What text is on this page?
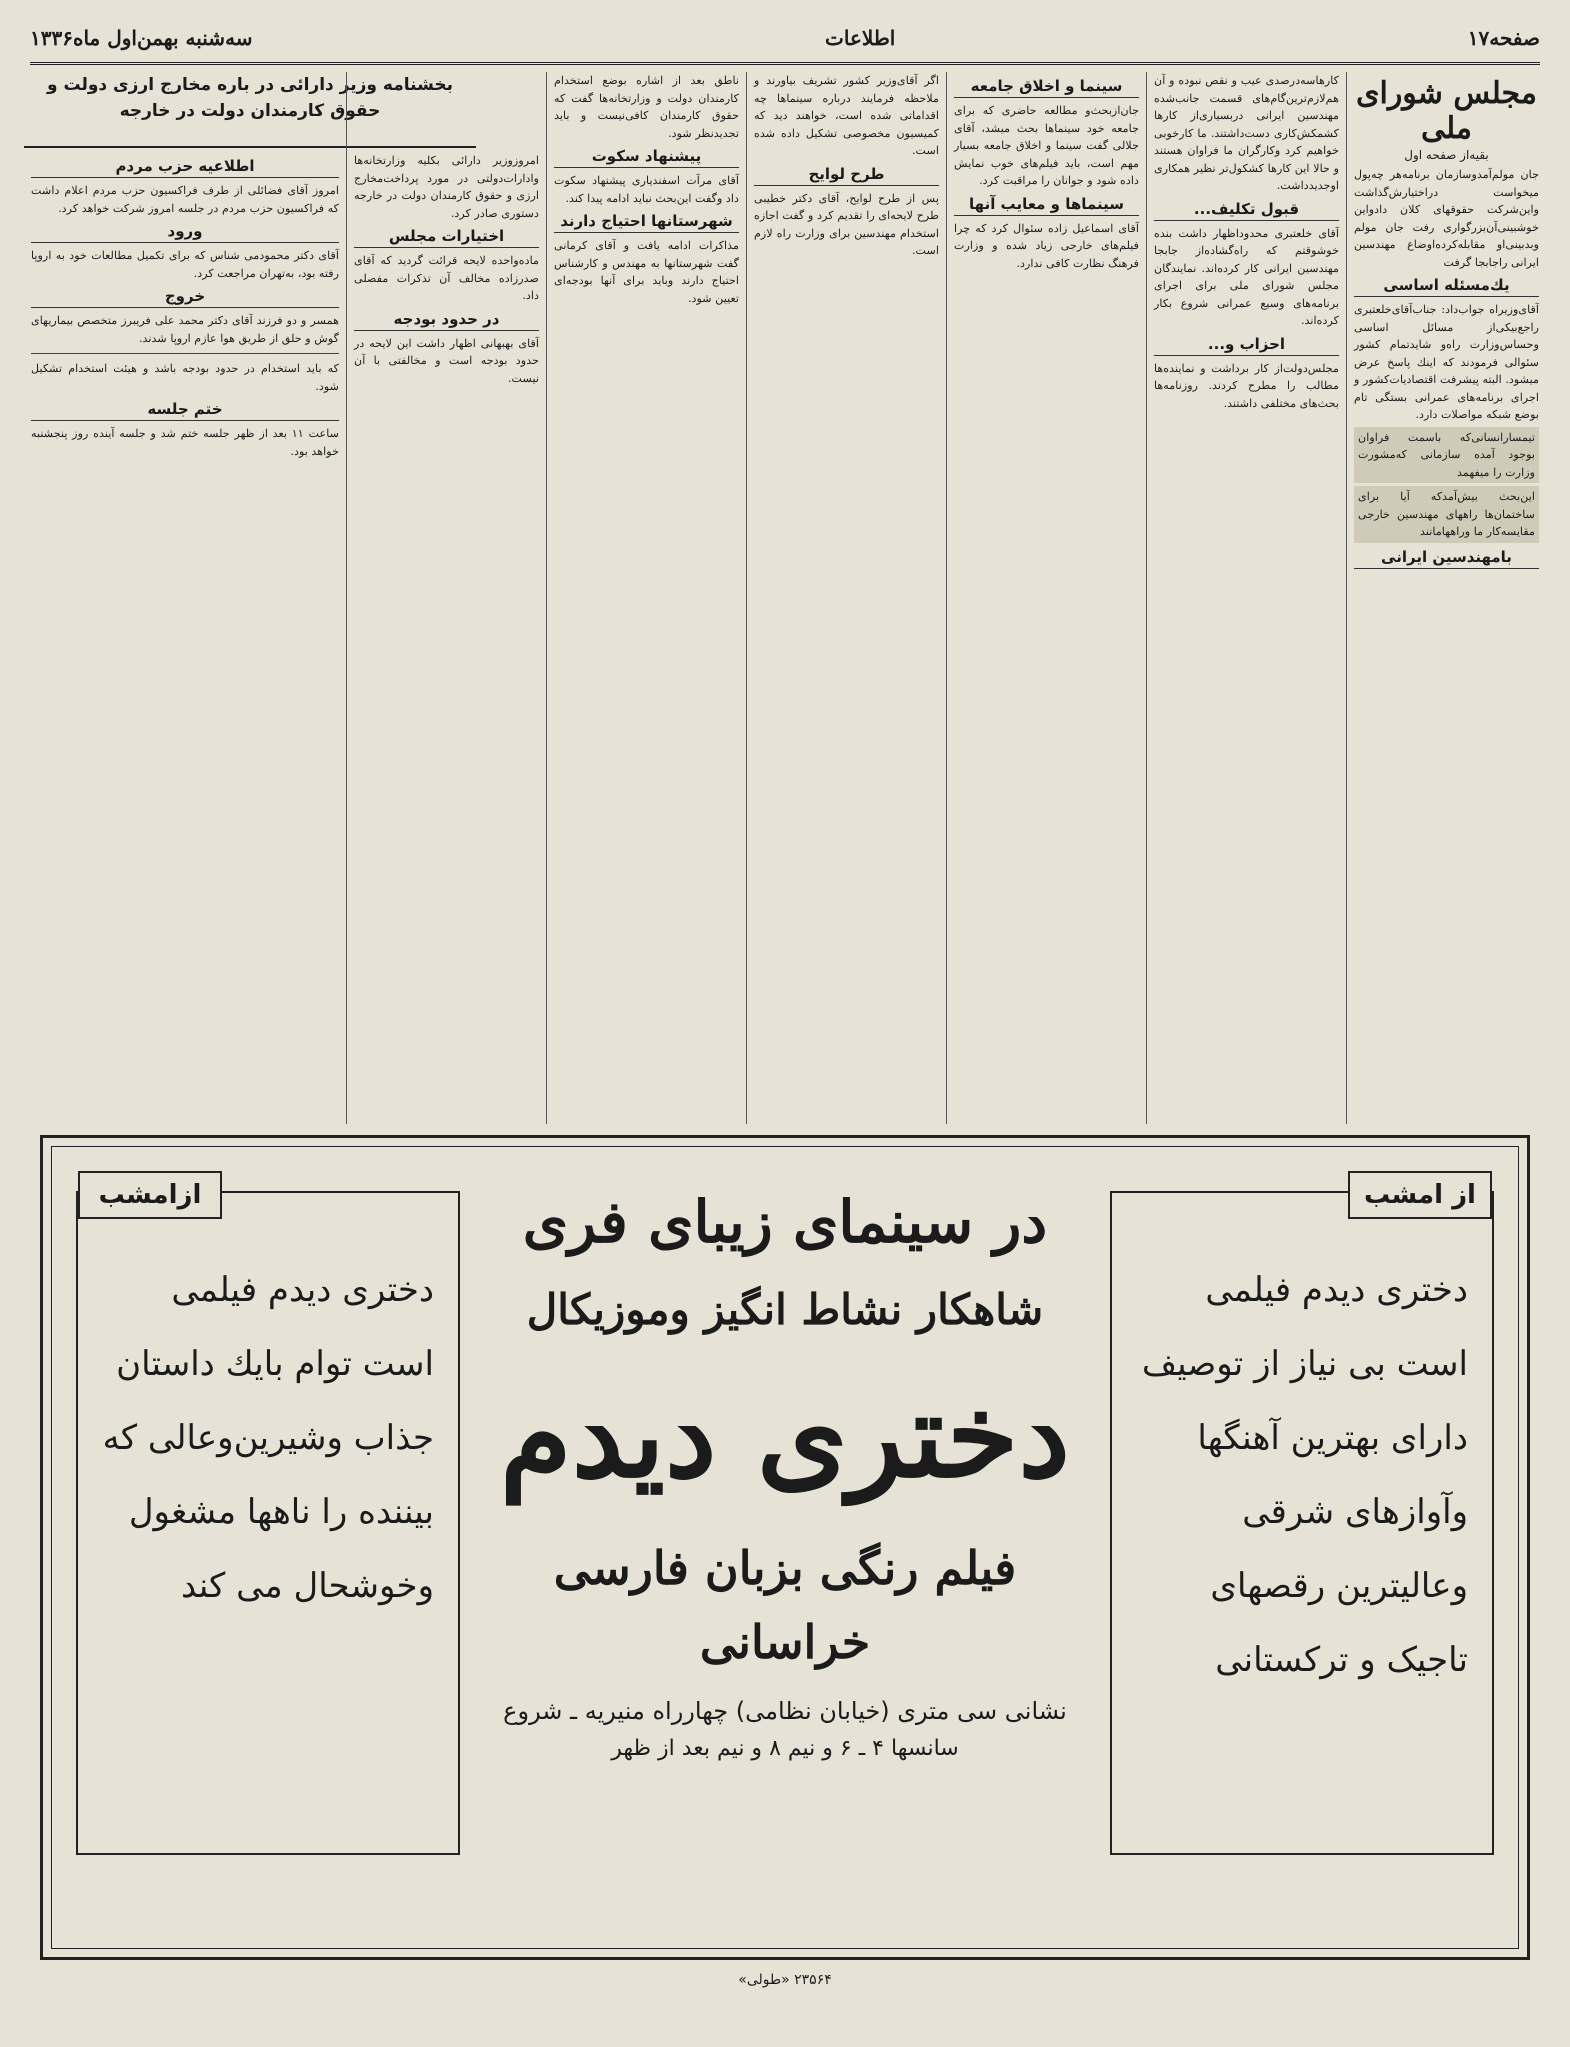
صفحه۱۷
اطلاعات
سه‌شنبه بهمن‌اول ماه۱۳۳۶
بخشنامه وزیر دارائی در باره مخارج ارزی دولت و حقوق کارمندان دولت در خارجه	مجلس شورای ملی
بقیه‌از صفحه اول

جان مولم‌آمدوسازمان برنامه‌هر چه‌پول میخواست دراختیارش‌گذاشت واین‌شرکت حقوقهای کلان دادو‌این خوشبینی‌آن‌بزرگواری رفت جان مولم وبدبینی‌او مقابله‌کرده‌اوضاع مهندسین ایرانی را‌جا‌بجا گرفت

یك‌مسئله اساسی

آقای‌وزیراه جواب‌داد: جناب‌آقای‌خلعتبری راجع‌بیکی‌از مسائل اساسی و‌حساس‌وزارت راه‌و شاید‌تمام کشور سئوالی فرمود‌ند که اینك‌ پاسخ عرض میشود. البته پیشرفت اقتصادیات‌کشور و اجرای برنامه‌های عمرانی بستگی تام بوضع شبکه مواصلات دارد.

تیمسارانسانی‌که باسمت فراوان بوجود آمده سازمانی که‌مشورت وزارت را‌ میفهمد

این‌بحث بیش‌آمدکه آیا برای ساختمان‌ها راههای مهندسین خارجی مقایسه‌کار ما و‌راهها‌مانند

با‌مهندسین ایرانی

کارهاسه‌درصدی عیب و نقص نبوده و آن هم‌لازم‌ترین‌گام‌های قسمت جانب‌شده مهندسین ایرانی در‌بسیاری‌از کارها کشمکش‌کاری دست‌داشتند. ما‌ کار‌خوبی خواهیم کرد و‌کارگران ما فراوان هستند و‌ حالا این کارها کشکول‌تر‌ نظیر‌ همکاری اوجدید‌داشت.

قبول تکلیف...

آقای خلعتبری محدود‌اظهار داشت بنده خوشوقتم که راه‌گشاده‌از‌ جا‌بجا مهندسین ایرانی کار کرده‌اند. نمایندگان مجلس شورای ملی برای اجرای برنامه‌های وسیع عمرانی شروع بکار کرده‌اند.

احزاب و...

مجلس‌دولت‌از کار برداشت و نماینده‌ها مطالب را مطرح کردند. روزنامه‌ها بحث‌های مختلفی داشتند.

سینما و اخلاق جامعه

جان‌از‌بحث‌و‌ مطالعه حاضری که برای جامعه خود سینما‌ها‌ بحث میشد، آقای‌ جلالی گفت سینما و اخلاق جامعه بسیار مهم است، باید‌ فیلم‌های خوب نمایش داده شود و‌ جوانان را مراقبت کرد.

سینماها و معایب آنها

آقای‌ اسماعیل‌ زاده سئوال کرد که چرا‌ فیلم‌های خارجی زیاد‌ شده و وزارت‌ فرهنگ نظارت کافی ندارد.

اگر آقای‌وزیر کشور تشریف بیاورند و‌ ملاحظه فرمایند درباره سینماها چه‌ اقداماتی شده است، خواهند دید که کمیسیون مخصوصی تشکیل داده شده است.

طرح لوایح

پس از طرح لوایح، آقای دکتر خطیبی طرح لایحه‌ای را‌ تقدیم کرد و گفت اجازه‌ استخدام مهندسین برای‌ وزارت راه‌ لازم است.

ناطق بعد‌ از‌ اشاره بوضع استخدام کارمندان دولت و‌ وزارتخانه‌ها گفت که‌ حقوق کارمندان کافی‌نیست و‌ باید‌ تجدید‌نظر شود.

پیشنهاد سکوت

آقای مرآت اسفندیاری پیشنهاد سکوت داد و‌گفت این‌بحث نباید‌ ادامه‌ پیدا کند.

شهرستانها احتیاج دارند

مذاکرات ادامه یافت و آقای کرمانی گفت شهرستانها به‌ مهندس و کارشناس احتیاج دارند و‌باید‌ برای آنها بودجه‌ای تعیین شود.

امروز‌وزیر دارائی بکلیه وزارتخانه‌ها و‌ادارات‌دولتی در مورد پرداخت‌مخارج‌ ارزی و‌ حقوق کارمندان دولت در خارجه دستوری صادر کرد.

اختیارات مجلس

ماده‌واحده‌ لایحه قرائت گردید‌ که آقای صدرزاده‌ مخالف آن‌ تذکرات‌ مفصلی داد.

در حدود بودجه

آقای بهبهانی اظهار‌ داشت این لایحه در‌ حدود بودجه‌ است و‌ مخالفتی با آن‌ نیست.

اطلاعیه‌ حزب مردم

امروز آقای فضائلی از طرف فراکسیون حزب مردم اعلام داشت که فراکسیون حزب مردم‌ در جلسه‌ امروز شرکت خواهد کرد.

ورود

آقای دکتر محمودمی شناس که برای تکمیل مطالعات‌ خود به اروپا رفته بود، به‌تهران‌ مراجعت کرد.

خروج

همسر‌ و دو فرزند‌ آقای دکتر محمد علی فریبرز متخصص بیماریهای‌ گوش و حلق از‌ طریق‌ هوا عازم اروپا شدند.

که‌ باید‌ استخدام در حدود‌ بودجه باشد و‌ هیئت‌ استخدام تشکیل شود.

ختم جلسه

ساعت‌ ۱۱ بعد‌ از ظهر جلسه ختم شد و جلسه‌ آینده روز پنجشنبه خواهد بود.

از امشب
دختری دیدم‌ فیلمی است بی نیاز از توصیف دارای بهترین آهنگها وآوازهای شرقی وعالیترین رقصهای تاجیک و ترکستانی
ازامشب
دختری دیدم فیلمی است توام بایك داستان جذاب وشیرین‌وعالی که بیننده را‌ ناهها مشغول‌ وخوشحال می کند
در سینمای زیبای فری
شاهکار نشاط انگیز وموزیکال
دختری دیدم
فیلم رنگی بزبان فارسی خراسانی
نشانی سی متری (خیابان نظامی) چهارراه منیریه ـ شروع
سانسها ۴ ـ ۶ و نیم ۸ و نیم بعد از ظهر
۲۳۵۶۴ «طولی»
